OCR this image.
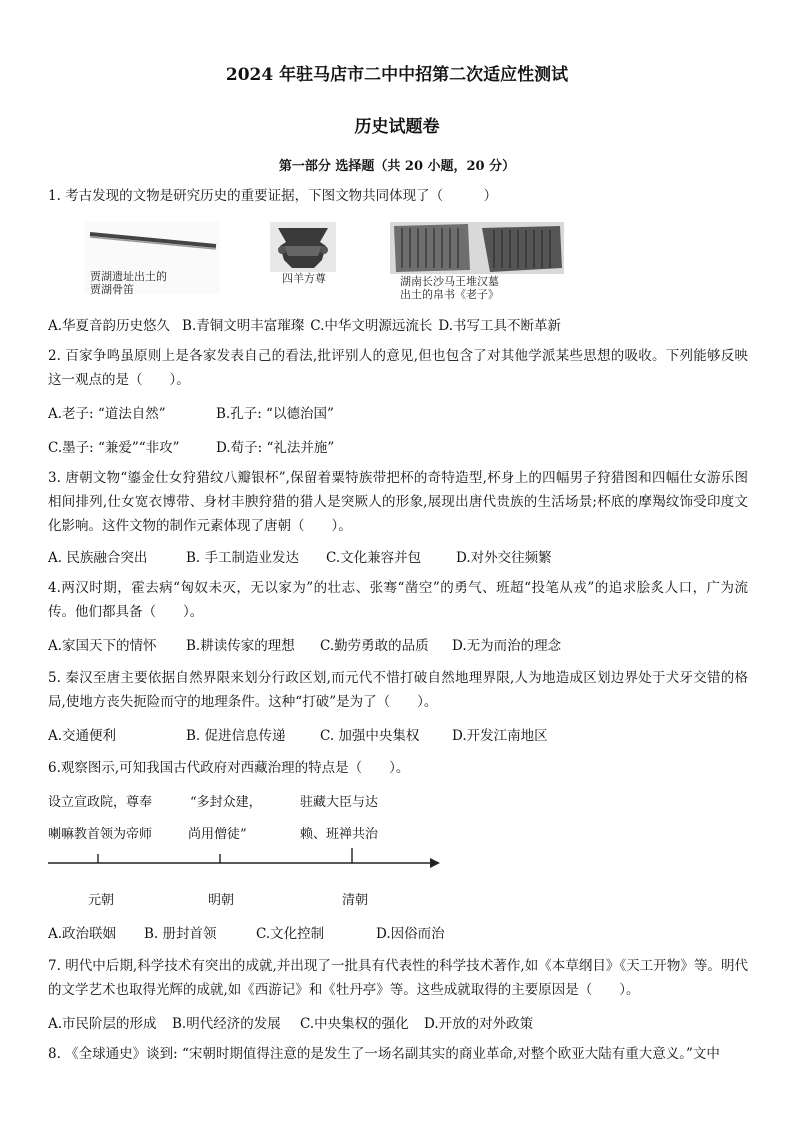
2024 年驻马店市二中中招第二次适应性测试
历史试题卷
第一部分 选择题（共 20 小题，20 分）
1. 考古发现的文物是研究历史的重要证据，下图文物共同体现了（　　　）
贾湖遗址出土的
贾湖骨笛
四羊方尊	湖南长沙马王堆汉墓
出土的帛书《老子》
A.华夏音韵历史悠久 B.青铜文明丰富璀璨 C.中华文明源远流长 D.书写工具不断革新
2. 百家争鸣虽原则上是各家发表自己的看法,批评别人的意见,但也包含了对其他学派某些思想的吸收。下列能够反映这一观点的是（　　）。
A.老子: “道法自然”	B.孔子: “以德治国”
C.墨子: “兼爱”“非攻”	D.荀子: “礼法并施”
3. 唐朝文物“鎏金仕女狩猎纹八瓣银杯”,保留着粟特族带把杯的奇特造型,杯身上的四幅男子狩猎图和四幅仕女游乐图相间排列,仕女宽衣博带、身材丰腴狩猎的猎人是突厥人的形象,展现出唐代贵族的生活场景;杯底的摩羯纹饰受印度文化影响。这件文物的制作元素体现了唐朝（　　）。
A. 民族融合突出	B. 手工制造业发达 C.文化兼容并包	D.对外交往频繁
4.两汉时期，霍去病“匈奴未灭，无以家为”的壮志、张骞“凿空”的勇气、班超“投笔从戎”的追求脍炙人口，广为流传。他们都具备（　　）。
A.家国天下的情怀 B.耕读传家的理想 C.勤劳勇敢的品质 D.无为而治的理念
5. 秦汉至唐主要依据自然界限来划分行政区划,而元代不惜打破自然地理界限,人为地造成区划边界处于犬牙交错的格局,使地方丧失扼险而守的地理条件。这种“打破”是为了（　　）。
A.交通便利	B. 促进信息传递	C. 加强中央集权 D.开发江南地区
6.观察图示,可知我国古代政府对西藏治理的特点是（　　）。
设立宣政院，尊奉
喇嘛教首领为帝师
“多封众建，
尚用僧徒”
驻藏大臣与达
赖、班禅共治
元朝	明朝	清朝
A.政治联姻 B. 册封首领	C.文化控制	D.因俗而治
7. 明代中后期,科学技术有突出的成就,并出现了一批具有代表性的科学技术著作,如《本草纲目》《天工开物》等。明代的文学艺术也取得光辉的成就,如《西游记》和《牡丹亭》等。这些成就取得的主要原因是（　　）。
A.市民阶层的形成 B.明代经济的发展 C.中央集权的强化 D.开放的对外政策
8. 《全球通史》谈到: “宋朝时期值得注意的是发生了一场名副其实的商业革命,对整个欧亚大陆有重大意义。”文中
